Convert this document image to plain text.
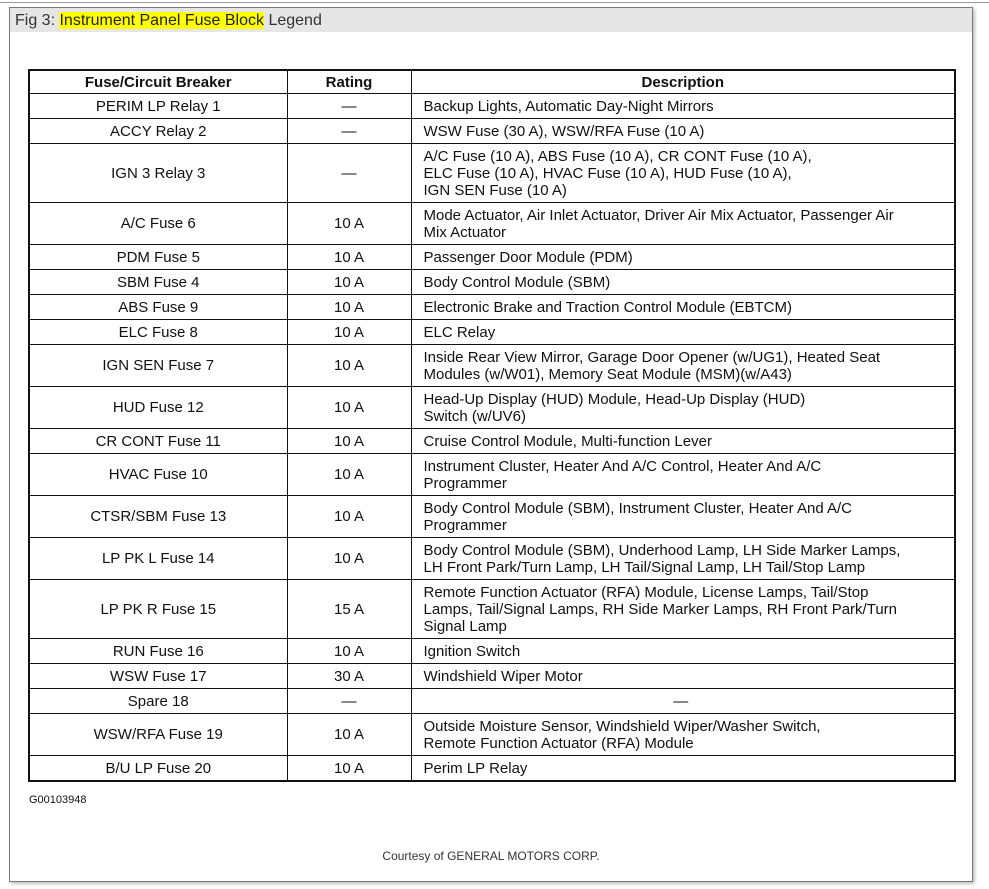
Fig 3: Instrument Panel Fuse Block Legend
Fuse/Circuit Breaker	Rating	Description
PERIM LP Relay 1	—	Backup Lights, Automatic Day-Night Mirrors
ACCY Relay 2	—	WSW Fuse (30 A), WSW/RFA Fuse (10 A)
IGN 3 Relay 3	—	A/C Fuse (10 A), ABS Fuse (10 A), CR CONT Fuse (10 A),
ELC Fuse (10 A), HVAC Fuse (10 A), HUD Fuse (10 A),
IGN SEN Fuse (10 A)
A/C Fuse 6	10 A	Mode Actuator, Air Inlet Actuator, Driver Air Mix Actuator, Passenger Air
Mix Actuator
PDM Fuse 5	10 A	Passenger Door Module (PDM)
SBM Fuse 4	10 A	Body Control Module (SBM)
ABS Fuse 9	10 A	Electronic Brake and Traction Control Module (EBTCM)
ELC Fuse 8	10 A	ELC Relay
IGN SEN Fuse 7	10 A	Inside Rear View Mirror, Garage Door Opener (w/UG1), Heated Seat
Modules (w/W01), Memory Seat Module (MSM)(w/A43)
HUD Fuse 12	10 A	Head-Up Display (HUD) Module, Head-Up Display (HUD)
Switch (w/UV6)
CR CONT Fuse 11	10 A	Cruise Control Module, Multi-function Lever
HVAC Fuse 10	10 A	Instrument Cluster, Heater And A/C Control, Heater And A/C
Programmer
CTSR/SBM Fuse 13	10 A	Body Control Module (SBM), Instrument Cluster, Heater And A/C
Programmer
LP PK L Fuse 14	10 A	Body Control Module (SBM), Underhood Lamp, LH Side Marker Lamps,
LH Front Park/Turn Lamp, LH Tail/Signal Lamp, LH Tail/Stop Lamp
LP PK R Fuse 15	15 A	Remote Function Actuator (RFA) Module, License Lamps, Tail/Stop
Lamps, Tail/Signal Lamps, RH Side Marker Lamps, RH Front Park/Turn
Signal Lamp
RUN Fuse 16	10 A	Ignition Switch
WSW Fuse 17	30 A	Windshield Wiper Motor
Spare 18	—	—
WSW/RFA Fuse 19	10 A	Outside Moisture Sensor, Windshield Wiper/Washer Switch,
Remote Function Actuator (RFA) Module
B/U LP Fuse 20	10 A	Perim LP Relay
G00103948
Courtesy of GENERAL MOTORS CORP.
